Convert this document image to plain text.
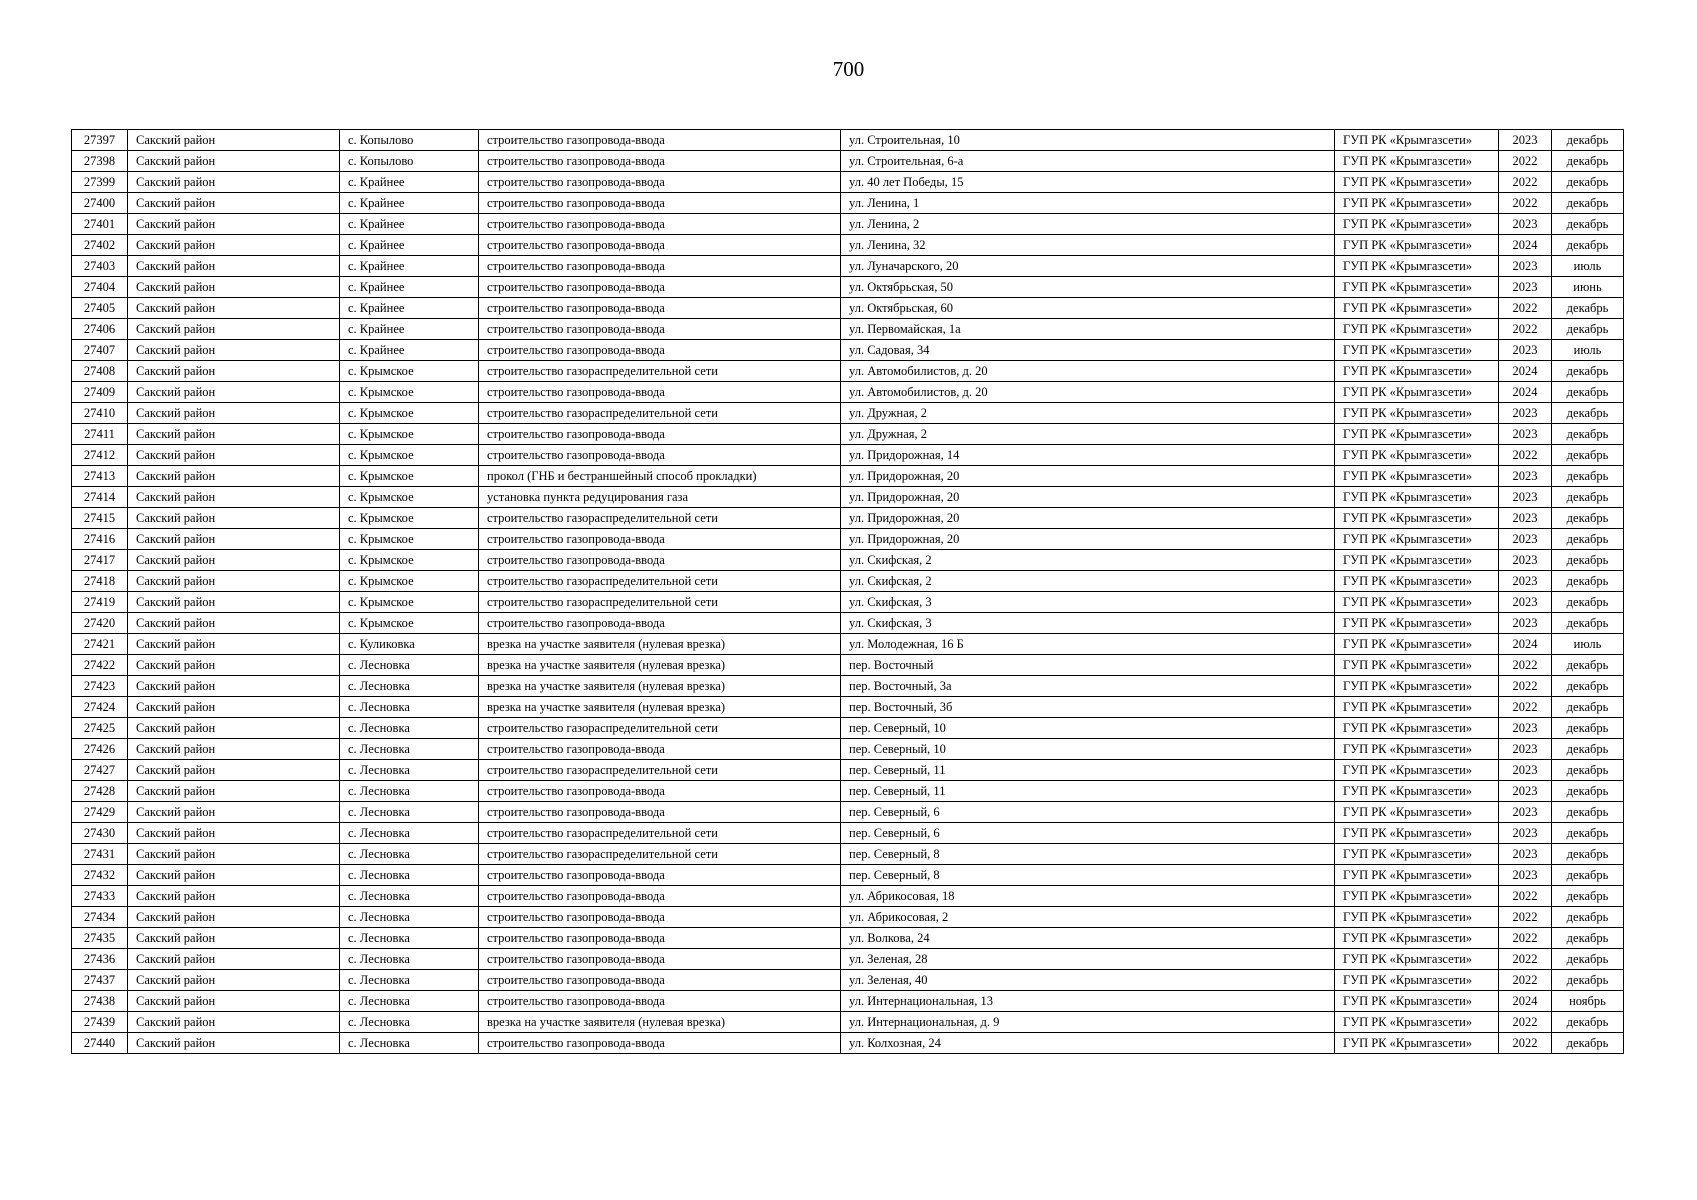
700
27397	Сакский район	с. Копылово	строительство газопровода-ввода	ул. Строительная, 10	ГУП РК «Крымгазсети»	2023	декабрь
27398	Сакский район	с. Копылово	строительство газопровода-ввода	ул. Строительная, 6-а	ГУП РК «Крымгазсети»	2022	декабрь
27399	Сакский район	с. Крайнее	строительство газопровода-ввода	ул. 40 лет Победы, 15	ГУП РК «Крымгазсети»	2022	декабрь
27400	Сакский район	с. Крайнее	строительство газопровода-ввода	ул. Ленина, 1	ГУП РК «Крымгазсети»	2022	декабрь
27401	Сакский район	с. Крайнее	строительство газопровода-ввода	ул. Ленина, 2	ГУП РК «Крымгазсети»	2023	декабрь
27402	Сакский район	с. Крайнее	строительство газопровода-ввода	ул. Ленина, 32	ГУП РК «Крымгазсети»	2024	декабрь
27403	Сакский район	с. Крайнее	строительство газопровода-ввода	ул. Луначарского, 20	ГУП РК «Крымгазсети»	2023	июль
27404	Сакский район	с. Крайнее	строительство газопровода-ввода	ул. Октябрьская, 50	ГУП РК «Крымгазсети»	2023	июнь
27405	Сакский район	с. Крайнее	строительство газопровода-ввода	ул. Октябрьская, 60	ГУП РК «Крымгазсети»	2022	декабрь
27406	Сакский район	с. Крайнее	строительство газопровода-ввода	ул. Первомайская, 1а	ГУП РК «Крымгазсети»	2022	декабрь
27407	Сакский район	с. Крайнее	строительство газопровода-ввода	ул. Садовая, 34	ГУП РК «Крымгазсети»	2023	июль
27408	Сакский район	с. Крымское	строительство газораспределительной сети	ул. Автомобилистов, д. 20	ГУП РК «Крымгазсети»	2024	декабрь
27409	Сакский район	с. Крымское	строительство газопровода-ввода	ул. Автомобилистов, д. 20	ГУП РК «Крымгазсети»	2024	декабрь
27410	Сакский район	с. Крымское	строительство газораспределительной сети	ул. Дружная, 2	ГУП РК «Крымгазсети»	2023	декабрь
27411	Сакский район	с. Крымское	строительство газопровода-ввода	ул. Дружная, 2	ГУП РК «Крымгазсети»	2023	декабрь
27412	Сакский район	с. Крымское	строительство газопровода-ввода	ул. Придорожная, 14	ГУП РК «Крымгазсети»	2022	декабрь
27413	Сакский район	с. Крымское	прокол (ГНБ и бестраншейный способ прокладки)	ул. Придорожная, 20	ГУП РК «Крымгазсети»	2023	декабрь
27414	Сакский район	с. Крымское	установка пункта редуцирования газа	ул. Придорожная, 20	ГУП РК «Крымгазсети»	2023	декабрь
27415	Сакский район	с. Крымское	строительство газораспределительной сети	ул. Придорожная, 20	ГУП РК «Крымгазсети»	2023	декабрь
27416	Сакский район	с. Крымское	строительство газопровода-ввода	ул. Придорожная, 20	ГУП РК «Крымгазсети»	2023	декабрь
27417	Сакский район	с. Крымское	строительство газопровода-ввода	ул. Скифская, 2	ГУП РК «Крымгазсети»	2023	декабрь
27418	Сакский район	с. Крымское	строительство газораспределительной сети	ул. Скифская, 2	ГУП РК «Крымгазсети»	2023	декабрь
27419	Сакский район	с. Крымское	строительство газораспределительной сети	ул. Скифская, 3	ГУП РК «Крымгазсети»	2023	декабрь
27420	Сакский район	с. Крымское	строительство газопровода-ввода	ул. Скифская, 3	ГУП РК «Крымгазсети»	2023	декабрь
27421	Сакский район	с. Куликовка	врезка на участке заявителя (нулевая врезка)	ул. Молодежная, 16 Б	ГУП РК «Крымгазсети»	2024	июль
27422	Сакский район	с. Лесновка	врезка на участке заявителя (нулевая врезка)	пер. Восточный	ГУП РК «Крымгазсети»	2022	декабрь
27423	Сакский район	с. Лесновка	врезка на участке заявителя (нулевая врезка)	пер. Восточный, 3а	ГУП РК «Крымгазсети»	2022	декабрь
27424	Сакский район	с. Лесновка	врезка на участке заявителя (нулевая врезка)	пер. Восточный, 3б	ГУП РК «Крымгазсети»	2022	декабрь
27425	Сакский район	с. Лесновка	строительство газораспределительной сети	пер. Северный, 10	ГУП РК «Крымгазсети»	2023	декабрь
27426	Сакский район	с. Лесновка	строительство газопровода-ввода	пер. Северный, 10	ГУП РК «Крымгазсети»	2023	декабрь
27427	Сакский район	с. Лесновка	строительство газораспределительной сети	пер. Северный, 11	ГУП РК «Крымгазсети»	2023	декабрь
27428	Сакский район	с. Лесновка	строительство газопровода-ввода	пер. Северный, 11	ГУП РК «Крымгазсети»	2023	декабрь
27429	Сакский район	с. Лесновка	строительство газопровода-ввода	пер. Северный, 6	ГУП РК «Крымгазсети»	2023	декабрь
27430	Сакский район	с. Лесновка	строительство газораспределительной сети	пер. Северный, 6	ГУП РК «Крымгазсети»	2023	декабрь
27431	Сакский район	с. Лесновка	строительство газораспределительной сети	пер. Северный, 8	ГУП РК «Крымгазсети»	2023	декабрь
27432	Сакский район	с. Лесновка	строительство газопровода-ввода	пер. Северный, 8	ГУП РК «Крымгазсети»	2023	декабрь
27433	Сакский район	с. Лесновка	строительство газопровода-ввода	ул. Абрикосовая, 18	ГУП РК «Крымгазсети»	2022	декабрь
27434	Сакский район	с. Лесновка	строительство газопровода-ввода	ул. Абрикосовая, 2	ГУП РК «Крымгазсети»	2022	декабрь
27435	Сакский район	с. Лесновка	строительство газопровода-ввода	ул. Волкова, 24	ГУП РК «Крымгазсети»	2022	декабрь
27436	Сакский район	с. Лесновка	строительство газопровода-ввода	ул. Зеленая, 28	ГУП РК «Крымгазсети»	2022	декабрь
27437	Сакский район	с. Лесновка	строительство газопровода-ввода	ул. Зеленая, 40	ГУП РК «Крымгазсети»	2022	декабрь
27438	Сакский район	с. Лесновка	строительство газопровода-ввода	ул. Интернациональная, 13	ГУП РК «Крымгазсети»	2024	ноябрь
27439	Сакский район	с. Лесновка	врезка на участке заявителя (нулевая врезка)	ул. Интернациональная, д. 9	ГУП РК «Крымгазсети»	2022	декабрь
27440	Сакский район	с. Лесновка	строительство газопровода-ввода	ул. Колхозная, 24	ГУП РК «Крымгазсети»	2022	декабрь
